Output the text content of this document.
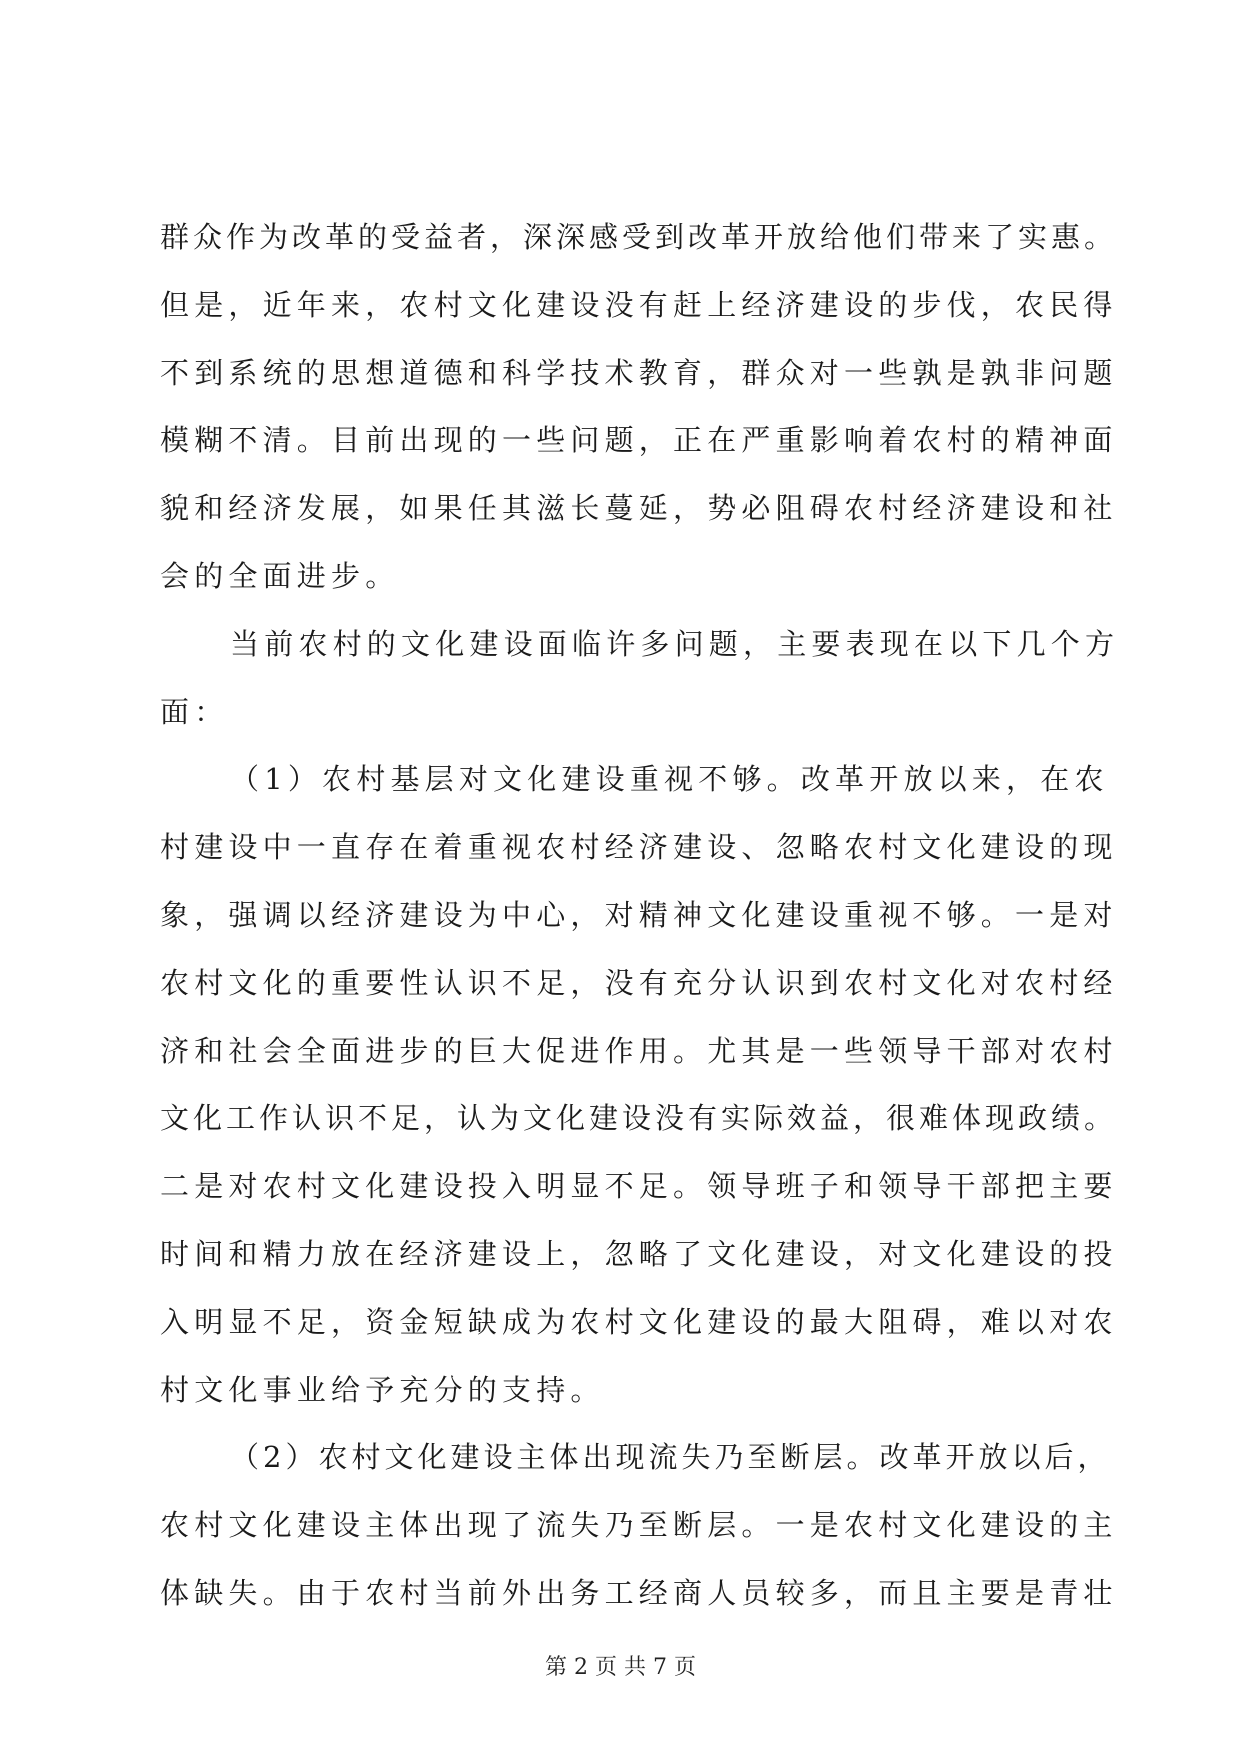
群众作为改革的受益者，深深感受到改革开放给他们带来了实惠。
但是，近年来，农村文化建设没有赶上经济建设的步伐，农民得
不到系统的思想道德和科学技术教育，群众对一些孰是孰非问题
模糊不清。目前出现的一些问题，正在严重影响着农村的精神面
貌和经济发展，如果任其滋长蔓延，势必阻碍农村经济建设和社
会的全面进步。
当前农村的文化建设面临许多问题，主要表现在以下几个方
面：
（1）农村基层对文化建设重视不够。改革开放以来，在农
村建设中一直存在着重视农村经济建设、忽略农村文化建设的现
象，强调以经济建设为中心，对精神文化建设重视不够。一是对
农村文化的重要性认识不足，没有充分认识到农村文化对农村经
济和社会全面进步的巨大促进作用。尤其是一些领导干部对农村
文化工作认识不足，认为文化建设没有实际效益，很难体现政绩。
二是对农村文化建设投入明显不足。领导班子和领导干部把主要
时间和精力放在经济建设上，忽略了文化建设，对文化建设的投
入明显不足，资金短缺成为农村文化建设的最大阻碍，难以对农
村文化事业给予充分的支持。
（2）农村文化建设主体出现流失乃至断层。改革开放以后，
农村文化建设主体出现了流失乃至断层。一是农村文化建设的主
体缺失。由于农村当前外出务工经商人员较多，而且主要是青壮
第 2 页 共 7 页
